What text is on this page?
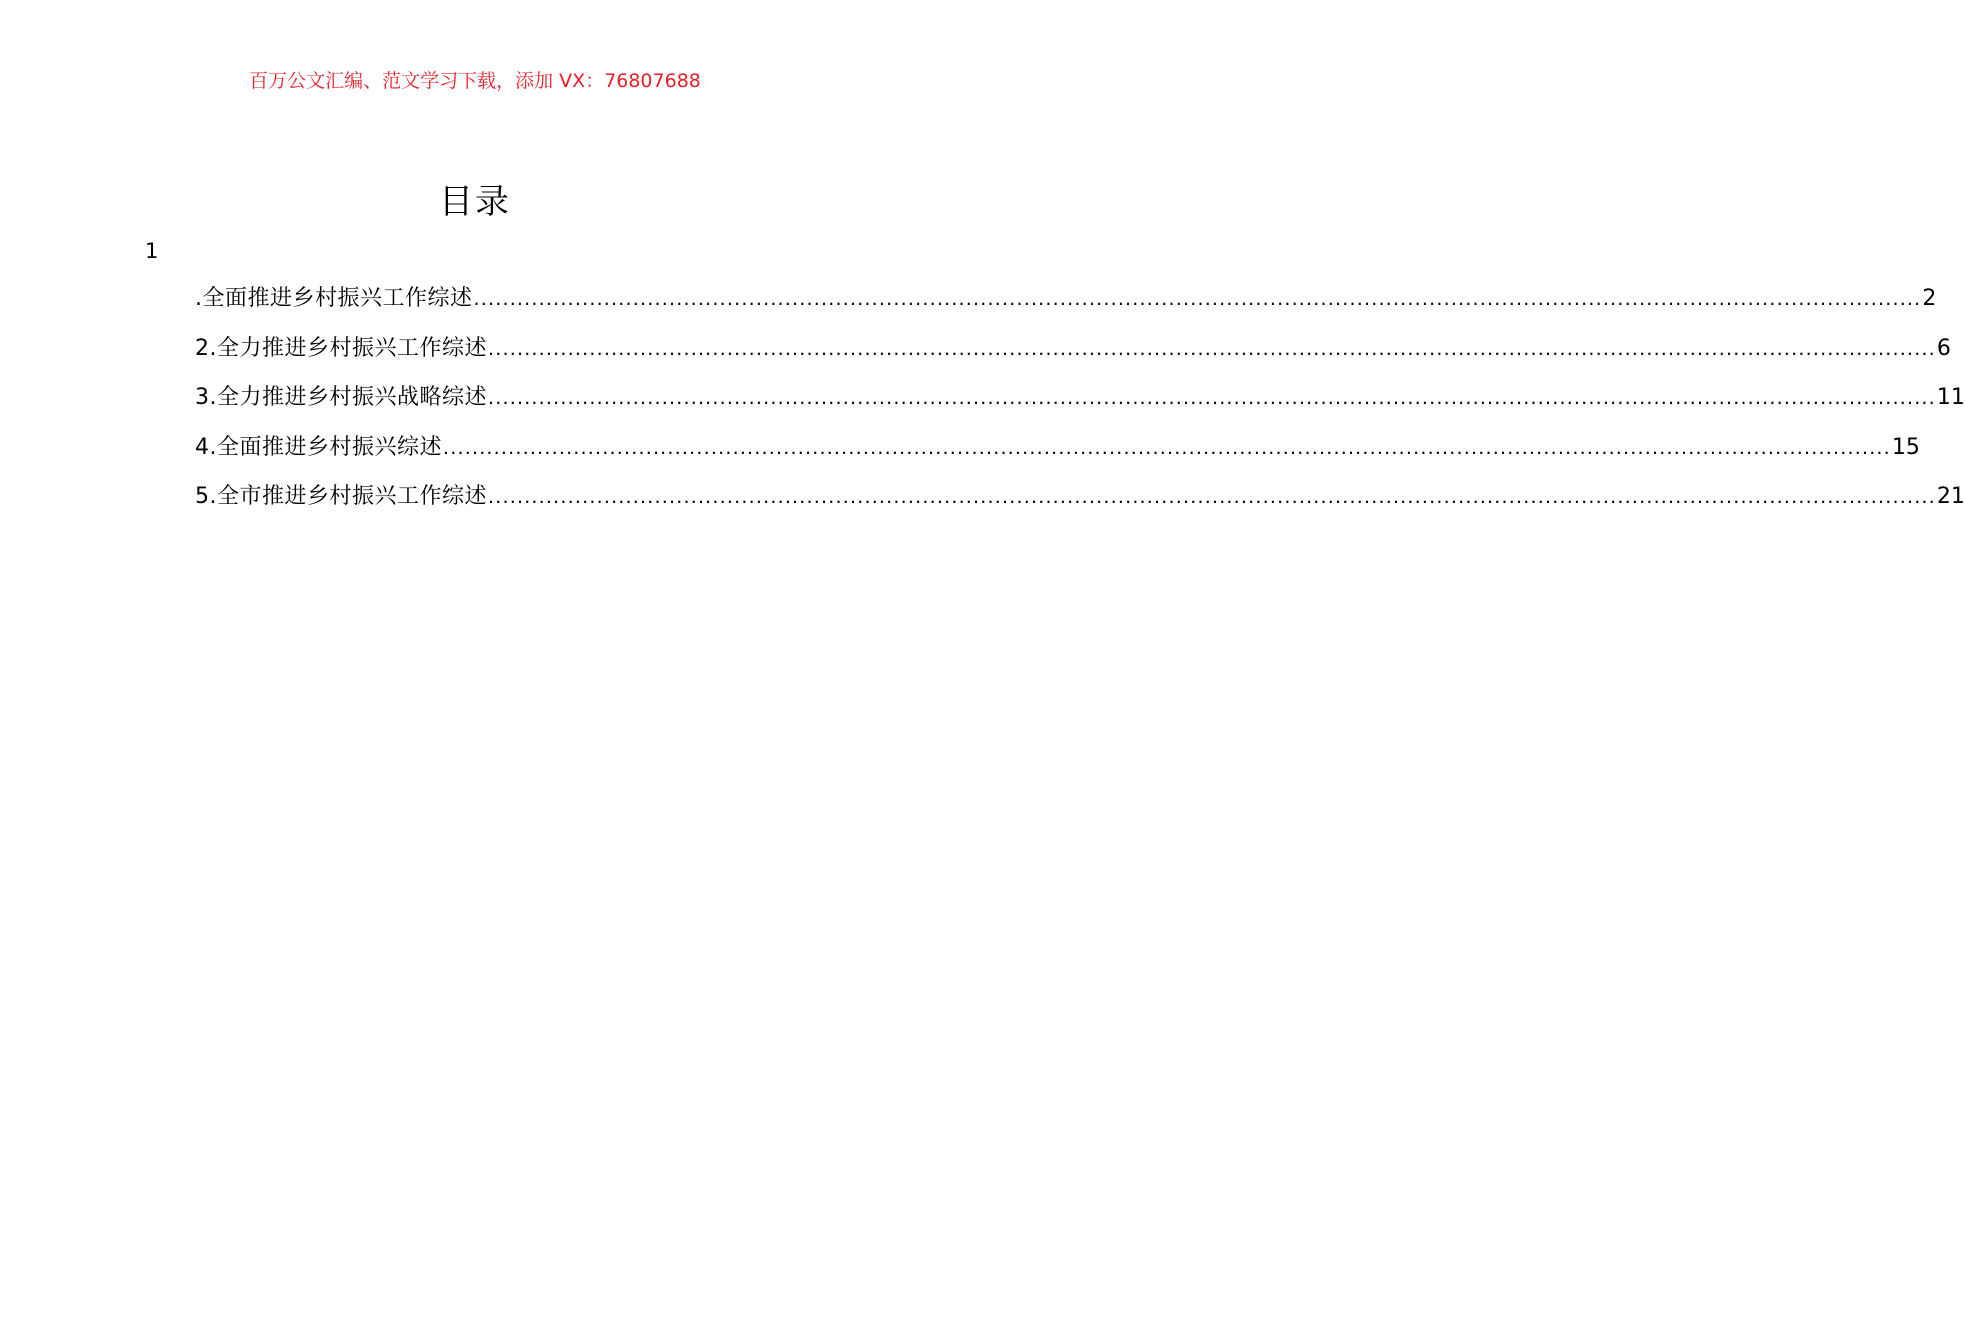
百万公文汇编、范文学习下载，添加 VX：76807688
目录
1
.全面推进乡村振兴工作综述 ........................................................................................................................................................................................................ 2
2.全力推进乡村振兴工作综述 ........................................................................................................................................................................................................ 6
3.全力推进乡村振兴战略综述 ........................................................................................................................................................................................................ 11
4.全面推进乡村振兴综述 ........................................................................................................................................................................................................ 15
5.全市推进乡村振兴工作综述 ........................................................................................................................................................................................................ 21
